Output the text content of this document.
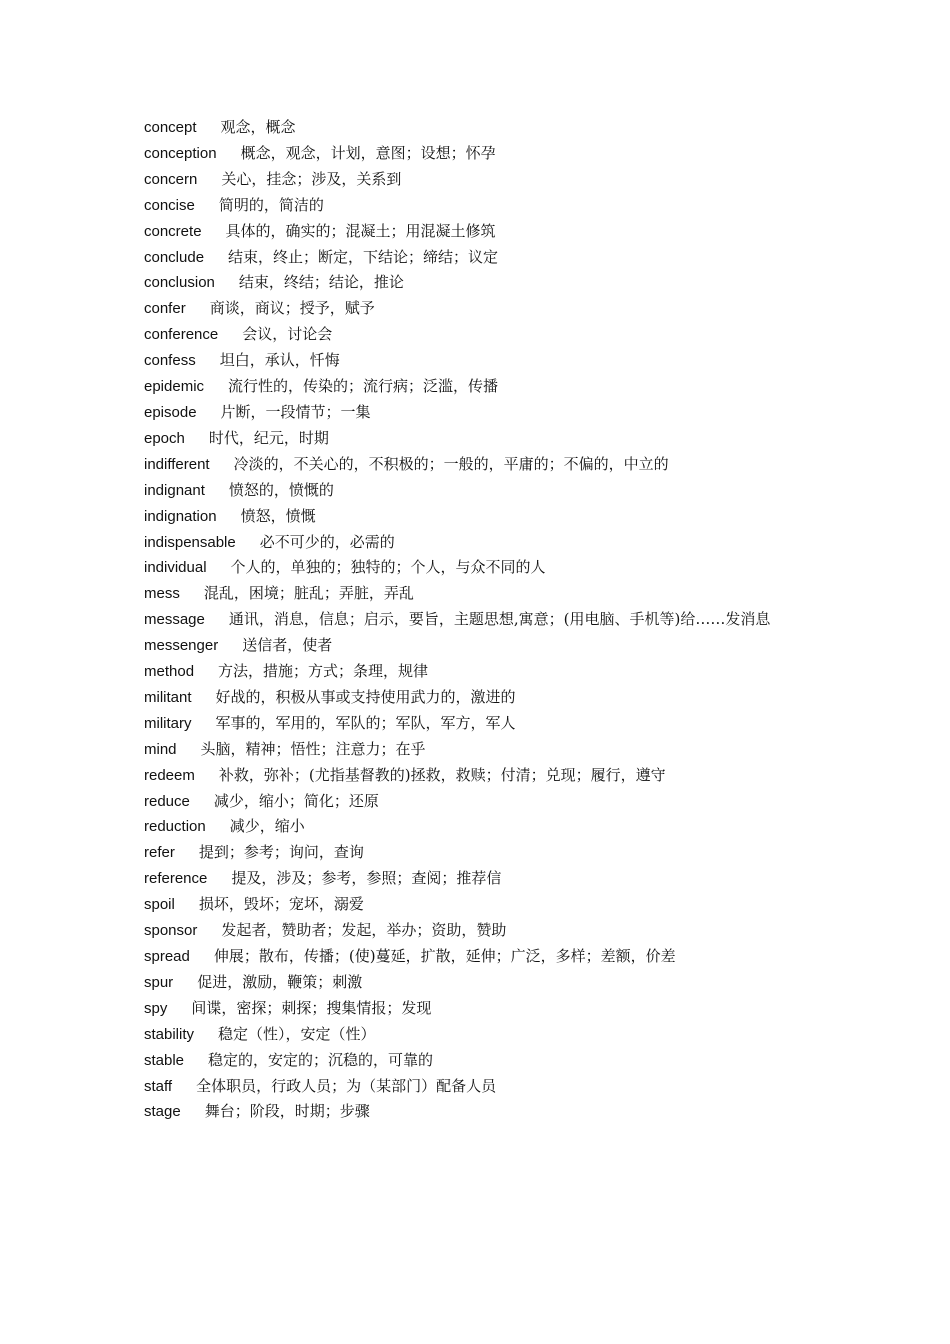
concept 观念，概念
conception 概念，观念，计划，意图；设想；怀孕
concern 关心，挂念；涉及，关系到
concise 简明的，简洁的
concrete 具体的，确实的；混凝土；用混凝土修筑
conclude 结束，终止；断定，下结论；缔结；议定
conclusion 结束，终结；结论，推论
confer 商谈，商议；授予，赋予
conference 会议，讨论会
confess 坦白，承认，忏悔
epidemic 流行性的，传染的；流行病；泛滥，传播
episode 片断，一段情节；一集
epoch 时代，纪元，时期
indifferent 冷淡的，不关心的，不积极的；一般的，平庸的；不偏的，中立的
indignant 愤怒的，愤慨的
indignation 愤怒，愤慨
indispensable 必不可少的，必需的
individual 个人的，单独的；独特的；个人，与众不同的人
mess 混乱，困境；脏乱；弄脏，弄乱
message 通讯，消息，信息；启示，要旨，主题思想,寓意；(用电脑、手机等)给……发消息
messenger 送信者，使者
method 方法，措施；方式；条理，规律
militant 好战的，积极从事或支持使用武力的，激进的
military 军事的，军用的，军队的；军队，军方，军人
mind 头脑，精神；悟性；注意力；在乎
redeem 补救，弥补；(尤指基督教的)拯救，救赎；付清；兑现；履行，遵守
reduce 减少，缩小；简化；还原
reduction 减少，缩小
refer 提到；参考；询问，查询
reference 提及，涉及；参考，参照；查阅；推荐信
spoil 损坏，毁坏；宠坏，溺爱
sponsor 发起者，赞助者；发起，举办；资助，赞助
spread 伸展；散布，传播；(使)蔓延，扩散，延伸；广泛，多样；差额，价差
spur 促进，激励，鞭策；刺激
spy 间谍，密探；刺探；搜集情报；发现
stability 稳定（性），安定（性）
stable 稳定的，安定的；沉稳的，可靠的
staff 全体职员，行政人员；为（某部门）配备人员
stage 舞台；阶段，时期；步骤
